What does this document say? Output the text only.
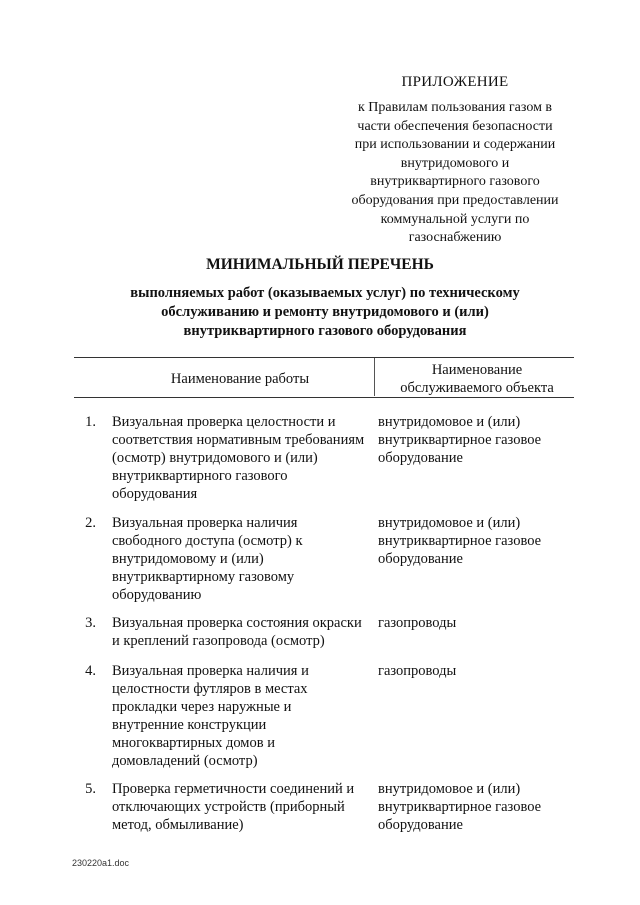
ПРИЛОЖЕНИЕ
к Правилам пользования газом в
части обеспечения безопасности
при использовании и содержании
внутридомового и
внутриквартирного газового
оборудования при предоставлении
коммунальной услуги по
газоснабжению
МИНИМАЛЬНЫЙ ПЕРЕЧЕНЬ
выполняемых работ (оказываемых услуг) по техническому
обслуживанию и ремонту внутридомового и (или)
внутриквартирного газового оборудования
Наименование работы
Наименование
обслуживаемого объекта
1. Визуальная проверка целостности и
соответствия нормативным требованиям
(осмотр) внутридомового и (или)
внутриквартирного газового
оборудования
внутридомовое и (или)
внутриквартирное газовое
оборудование
2. Визуальная проверка наличия
свободного доступа (осмотр) к
внутридомовому и (или)
внутриквартирному газовому
оборудованию
внутридомовое и (или)
внутриквартирное газовое
оборудование
3. Визуальная проверка состояния окраски
и креплений газопровода (осмотр)
газопроводы
4. Визуальная проверка наличия и
целостности футляров в местах
прокладки через наружные и
внутренние конструкции
многоквартирных домов и
домовладений (осмотр)
газопроводы
5. Проверка герметичности соединений и
отключающих устройств (приборный
метод, обмыливание)
внутридомовое и (или)
внутриквартирное газовое
оборудование
230220a1.doc
